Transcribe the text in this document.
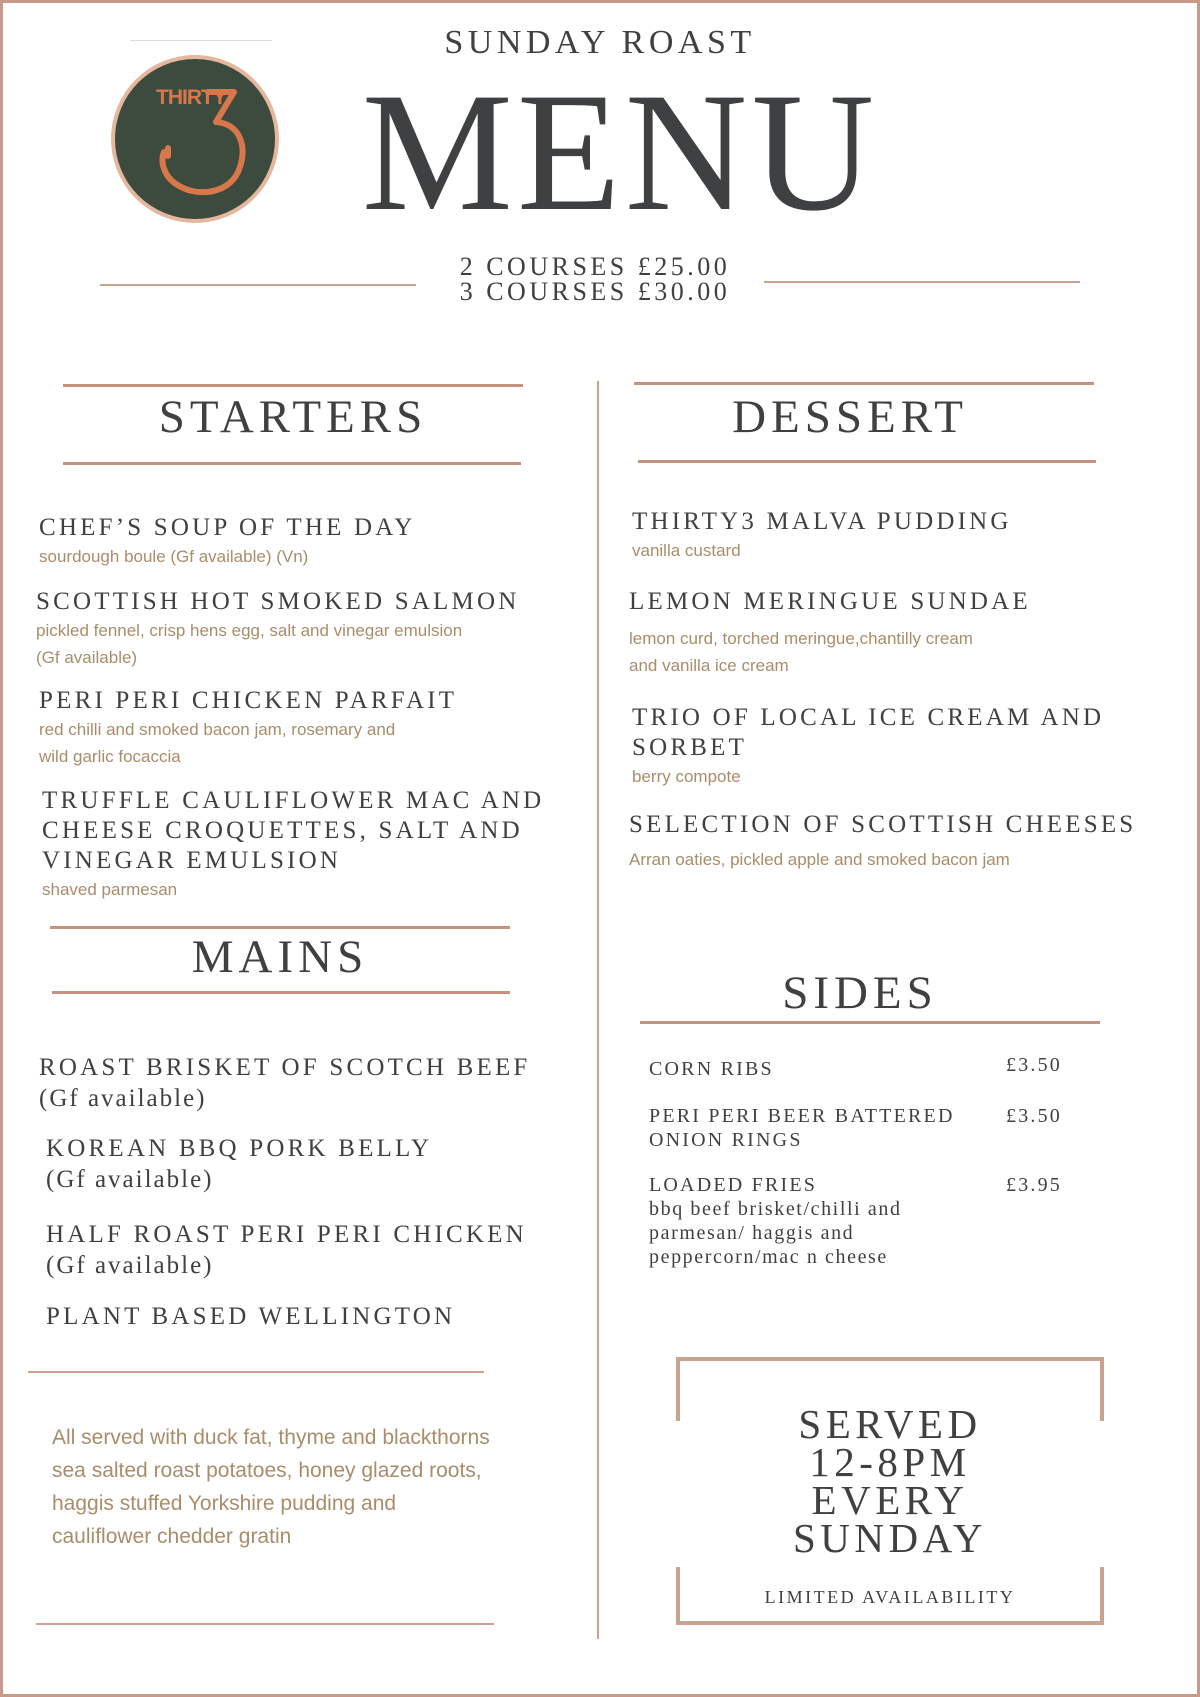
THIRTY
SUNDAY ROAST
MENU
2 COURSES £25.00
3 COURSES £30.00
STARTERS
CHEF’S SOUP OF THE DAY
sourdough boule (Gf available) (Vn)
SCOTTISH HOT SMOKED SALMON
pickled fennel, crisp hens egg, salt and vinegar emulsion
(Gf available)
PERI PERI CHICKEN PARFAIT
red chilli and smoked bacon jam, rosemary and
wild garlic focaccia
TRUFFLE CAULIFLOWER MAC AND
CHEESE CROQUETTES, SALT AND
VINEGAR EMULSION
shaved parmesan
MAINS
ROAST BRISKET OF SCOTCH BEEF
(Gf available)
KOREAN BBQ PORK BELLY
(Gf available)
HALF ROAST PERI PERI CHICKEN
(Gf available)
PLANT BASED WELLINGTON
All served with duck fat, thyme and blackthorns
sea salted roast potatoes, honey glazed roots,
haggis stuffed Yorkshire pudding and
cauliflower chedder gratin
DESSERT
THIRTY3 MALVA PUDDING
vanilla custard
LEMON MERINGUE SUNDAE
lemon curd, torched meringue,chantilly cream
and vanilla ice cream
TRIO OF LOCAL ICE CREAM AND
SORBET
berry compote
SELECTION OF SCOTTISH CHEESES
Arran oaties, pickled apple and smoked bacon jam
SIDES
CORN RIBS	£3.50
PERI PERI BEER BATTERED
ONION RINGS
£3.50
LOADED FRIES
bbq beef brisket/chilli and
parmesan/ haggis and
peppercorn/mac n cheese
£3.95
SERVED
12-8PM
EVERY
SUNDAY
LIMITED AVAILABILITY
